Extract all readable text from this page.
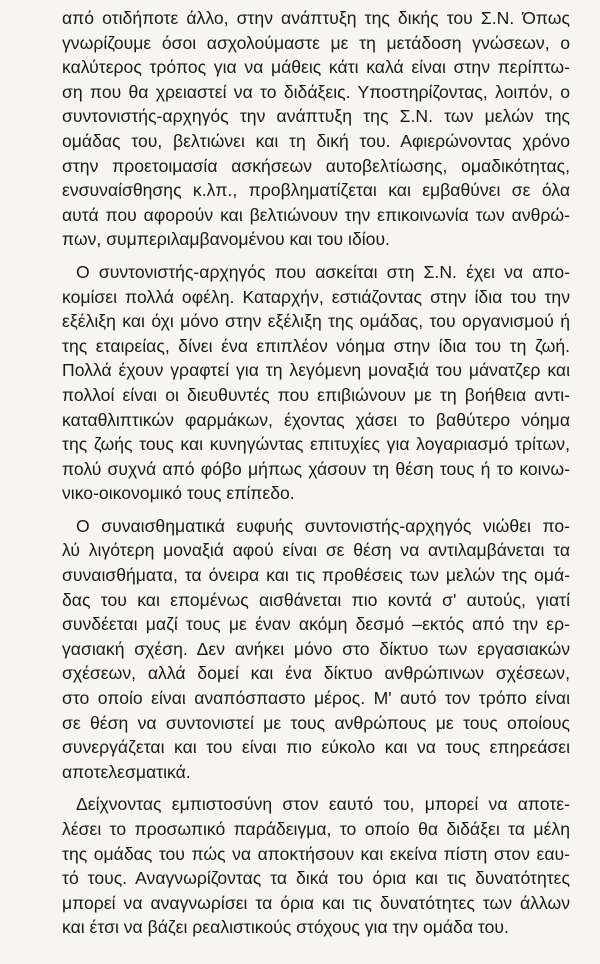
από οτιδήποτε άλλο, στην ανάπτυξη της δικής του Σ.Ν. Όπως
γνωρίζουμε όσοι ασχολούμαστε με τη μετάδοση γνώσεων, ο
καλύτερος τρόπος για να μάθεις κάτι καλά είναι στην περίπτω-
ση που θα χρειαστεί να το διδάξεις. Υποστηρίζοντας, λοιπόν, ο
συντονιστής-αρχηγός την ανάπτυξη της Σ.Ν. των μελών της
ομάδας του, βελτιώνει και τη δική του. Αφιερώνοντας χρόνο
στην προετοιμασία ασκήσεων αυτοβελτίωσης, ομαδικότητας,
ενσυναίσθησης κ.λπ., προβληματίζεται και εμβαθύνει σε όλα
αυτά που αφορούν και βελτιώνουν την επικοινωνία των ανθρώ-
πων, συμπεριλαμβανομένου και του ιδίου.

Ο συντονιστής-αρχηγός που ασκείται στη Σ.Ν. έχει να απο-
κομίσει πολλά οφέλη. Καταρχήν, εστιάζοντας στην ίδια του την
εξέλιξη και όχι μόνο στην εξέλιξη της ομάδας, του οργανισμού ή
της εταιρείας, δίνει ένα επιπλέον νόημα στην ίδια του τη ζωή.
Πολλά έχουν γραφτεί για τη λεγόμενη μοναξιά του μάνατζερ και
πολλοί είναι οι διευθυντές που επιβιώνουν με τη βοήθεια αντι-
καταθλιπτικών φαρμάκων, έχοντας χάσει το βαθύτερο νόημα
της ζωής τους και κυνηγώντας επιτυχίες για λογαριασμό τρίτων,
πολύ συχνά από φόβο μήπως χάσουν τη θέση τους ή το κοινω-
νικο-οικονομικό τους επίπεδο.

Ο συναισθηματικά ευφυής συντονιστής-αρχηγός νιώθει πο-
λύ λιγότερη μοναξιά αφού είναι σε θέση να αντιλαμβάνεται τα
συναισθήματα, τα όνειρα και τις προθέσεις των μελών της ομά-
δας του και επομένως αισθάνεται πιο κοντά σ' αυτούς, γιατί
συνδέεται μαζί τους με έναν ακόμη δεσμό –εκτός από την ερ-
γασιακή σχέση. Δεν ανήκει μόνο στο δίκτυο των εργασιακών
σχέσεων, αλλά δομεί και ένα δίκτυο ανθρώπινων σχέσεων,
στο οποίο είναι αναπόσπαστο μέρος. Μ' αυτό τον τρόπο είναι
σε θέση να συντονιστεί με τους ανθρώπους με τους οποίους
συνεργάζεται και του είναι πιο εύκολο και να τους επηρεάσει
αποτελεσματικά.

Δείχνοντας εμπιστοσύνη στον εαυτό του, μπορεί να αποτε-
λέσει το προσωπικό παράδειγμα, το οποίο θα διδάξει τα μέλη
της ομάδας του πώς να αποκτήσουν και εκείνα πίστη στον εαυ-
τό τους. Αναγνωρίζοντας τα δικά του όρια και τις δυνατότητες
μπορεί να αναγνωρίσει τα όρια και τις δυνατότητες των άλλων
και έτσι να βάζει ρεαλιστικούς στόχους για την ομάδα του.
